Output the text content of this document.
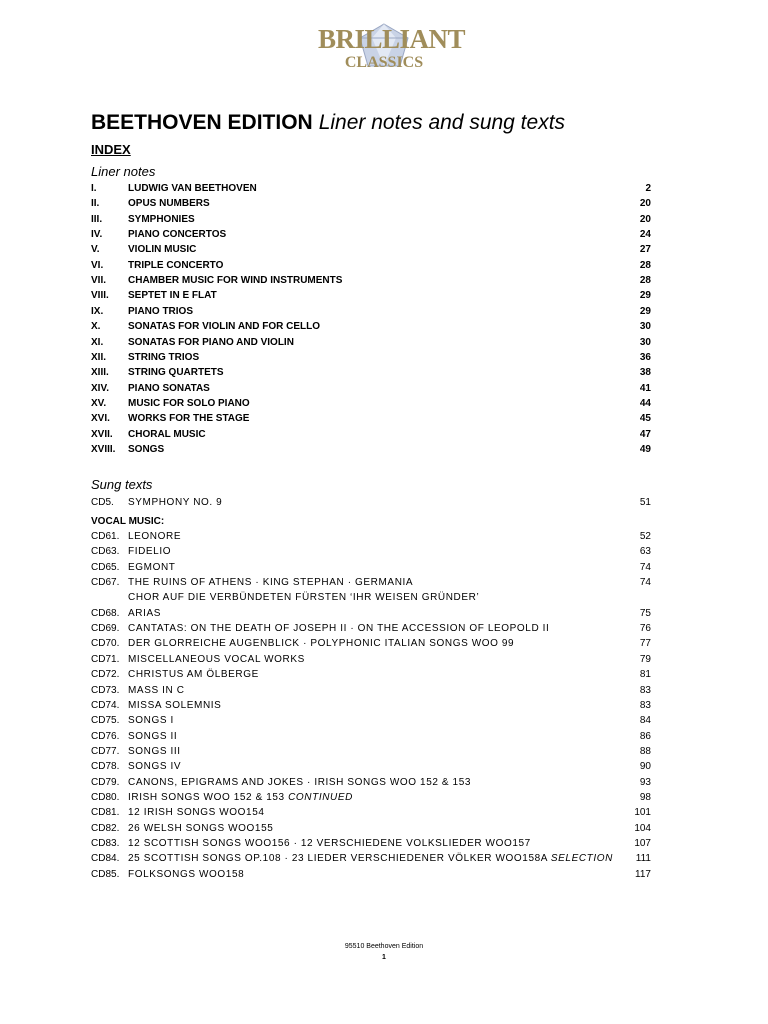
BRILLIANT
CLASSICS
BEETHOVEN EDITION Liner notes and sung texts
INDEX
Liner notes
I.	LUDWIG VAN BEETHOVEN	2
II.	OPUS NUMBERS	20
III.	SYMPHONIES	20
IV.	PIANO CONCERTOS	24
V.	VIOLIN MUSIC	27
VI. TRIPLE CONCERTO	28
VII. CHAMBER MUSIC FOR WIND INSTRUMENTS	28
VIII. SEPTET IN E FLAT	29
IX. PIANO TRIOS	29
X.	SONATAS FOR VIOLIN AND FOR CELLO	30
XI. SONATAS FOR PIANO AND VIOLIN	30
XII. STRING TRIOS	36
XIII. STRING QUARTETS	38
XIV. PIANO SONATAS	41
XV. MUSIC FOR SOLO PIANO	44
XVI. WORKS FOR THE STAGE	45
XVII. CHORAL MUSIC	47
XVIII. SONGS	49
Sung texts
CD5. SYMPHONY NO. 9	51
VOCAL MUSIC:
CD61. LEONORE	52
CD63. FIDELIO	63
CD65. EGMONT	74
CD67. THE RUINS OF ATHENS · KING STEPHAN · GERMANIA	74
CHOR AUF DIE VERBÜNDETEN FÜRSTEN ‘IHR WEISEN GRÜNDER’
CD68. ARIAS	75
CD69. CANTATAS: ON THE DEATH OF JOSEPH II · ON THE ACCESSION OF LEOPOLD II	76
CD70. DER GLORREICHE AUGENBLICK · POLYPHONIC ITALIAN SONGS WOO 99	77
CD71. MISCELLANEOUS VOCAL WORKS	79
CD72. CHRISTUS AM ÖLBERGE	81
CD73. MASS IN C	83
CD74. MISSA SOLEMNIS	83
CD75. SONGS I	84
CD76. SONGS II	86
CD77. SONGS III	88
CD78. SONGS IV	90
CD79. CANONS, EPIGRAMS AND JOKES · IRISH SONGS WOO 152 & 153	93
CD80. IRISH SONGS WOO 152 & 153 CONTINUED	98
CD81. 12 IRISH SONGS WOO154	101
CD82. 26 WELSH SONGS WOO155	104
CD83. 12 SCOTTISH SONGS WOO156 · 12 VERSCHIEDENE VOLKSLIEDER WOO157	107
CD84. 25 SCOTTISH SONGS OP.108 · 23 LIEDER VERSCHIEDENER VÖLKER WOO158A SELECTION 111
CD85. FOLKSONGS WOO158	117
95510 Beethoven Edition
1
